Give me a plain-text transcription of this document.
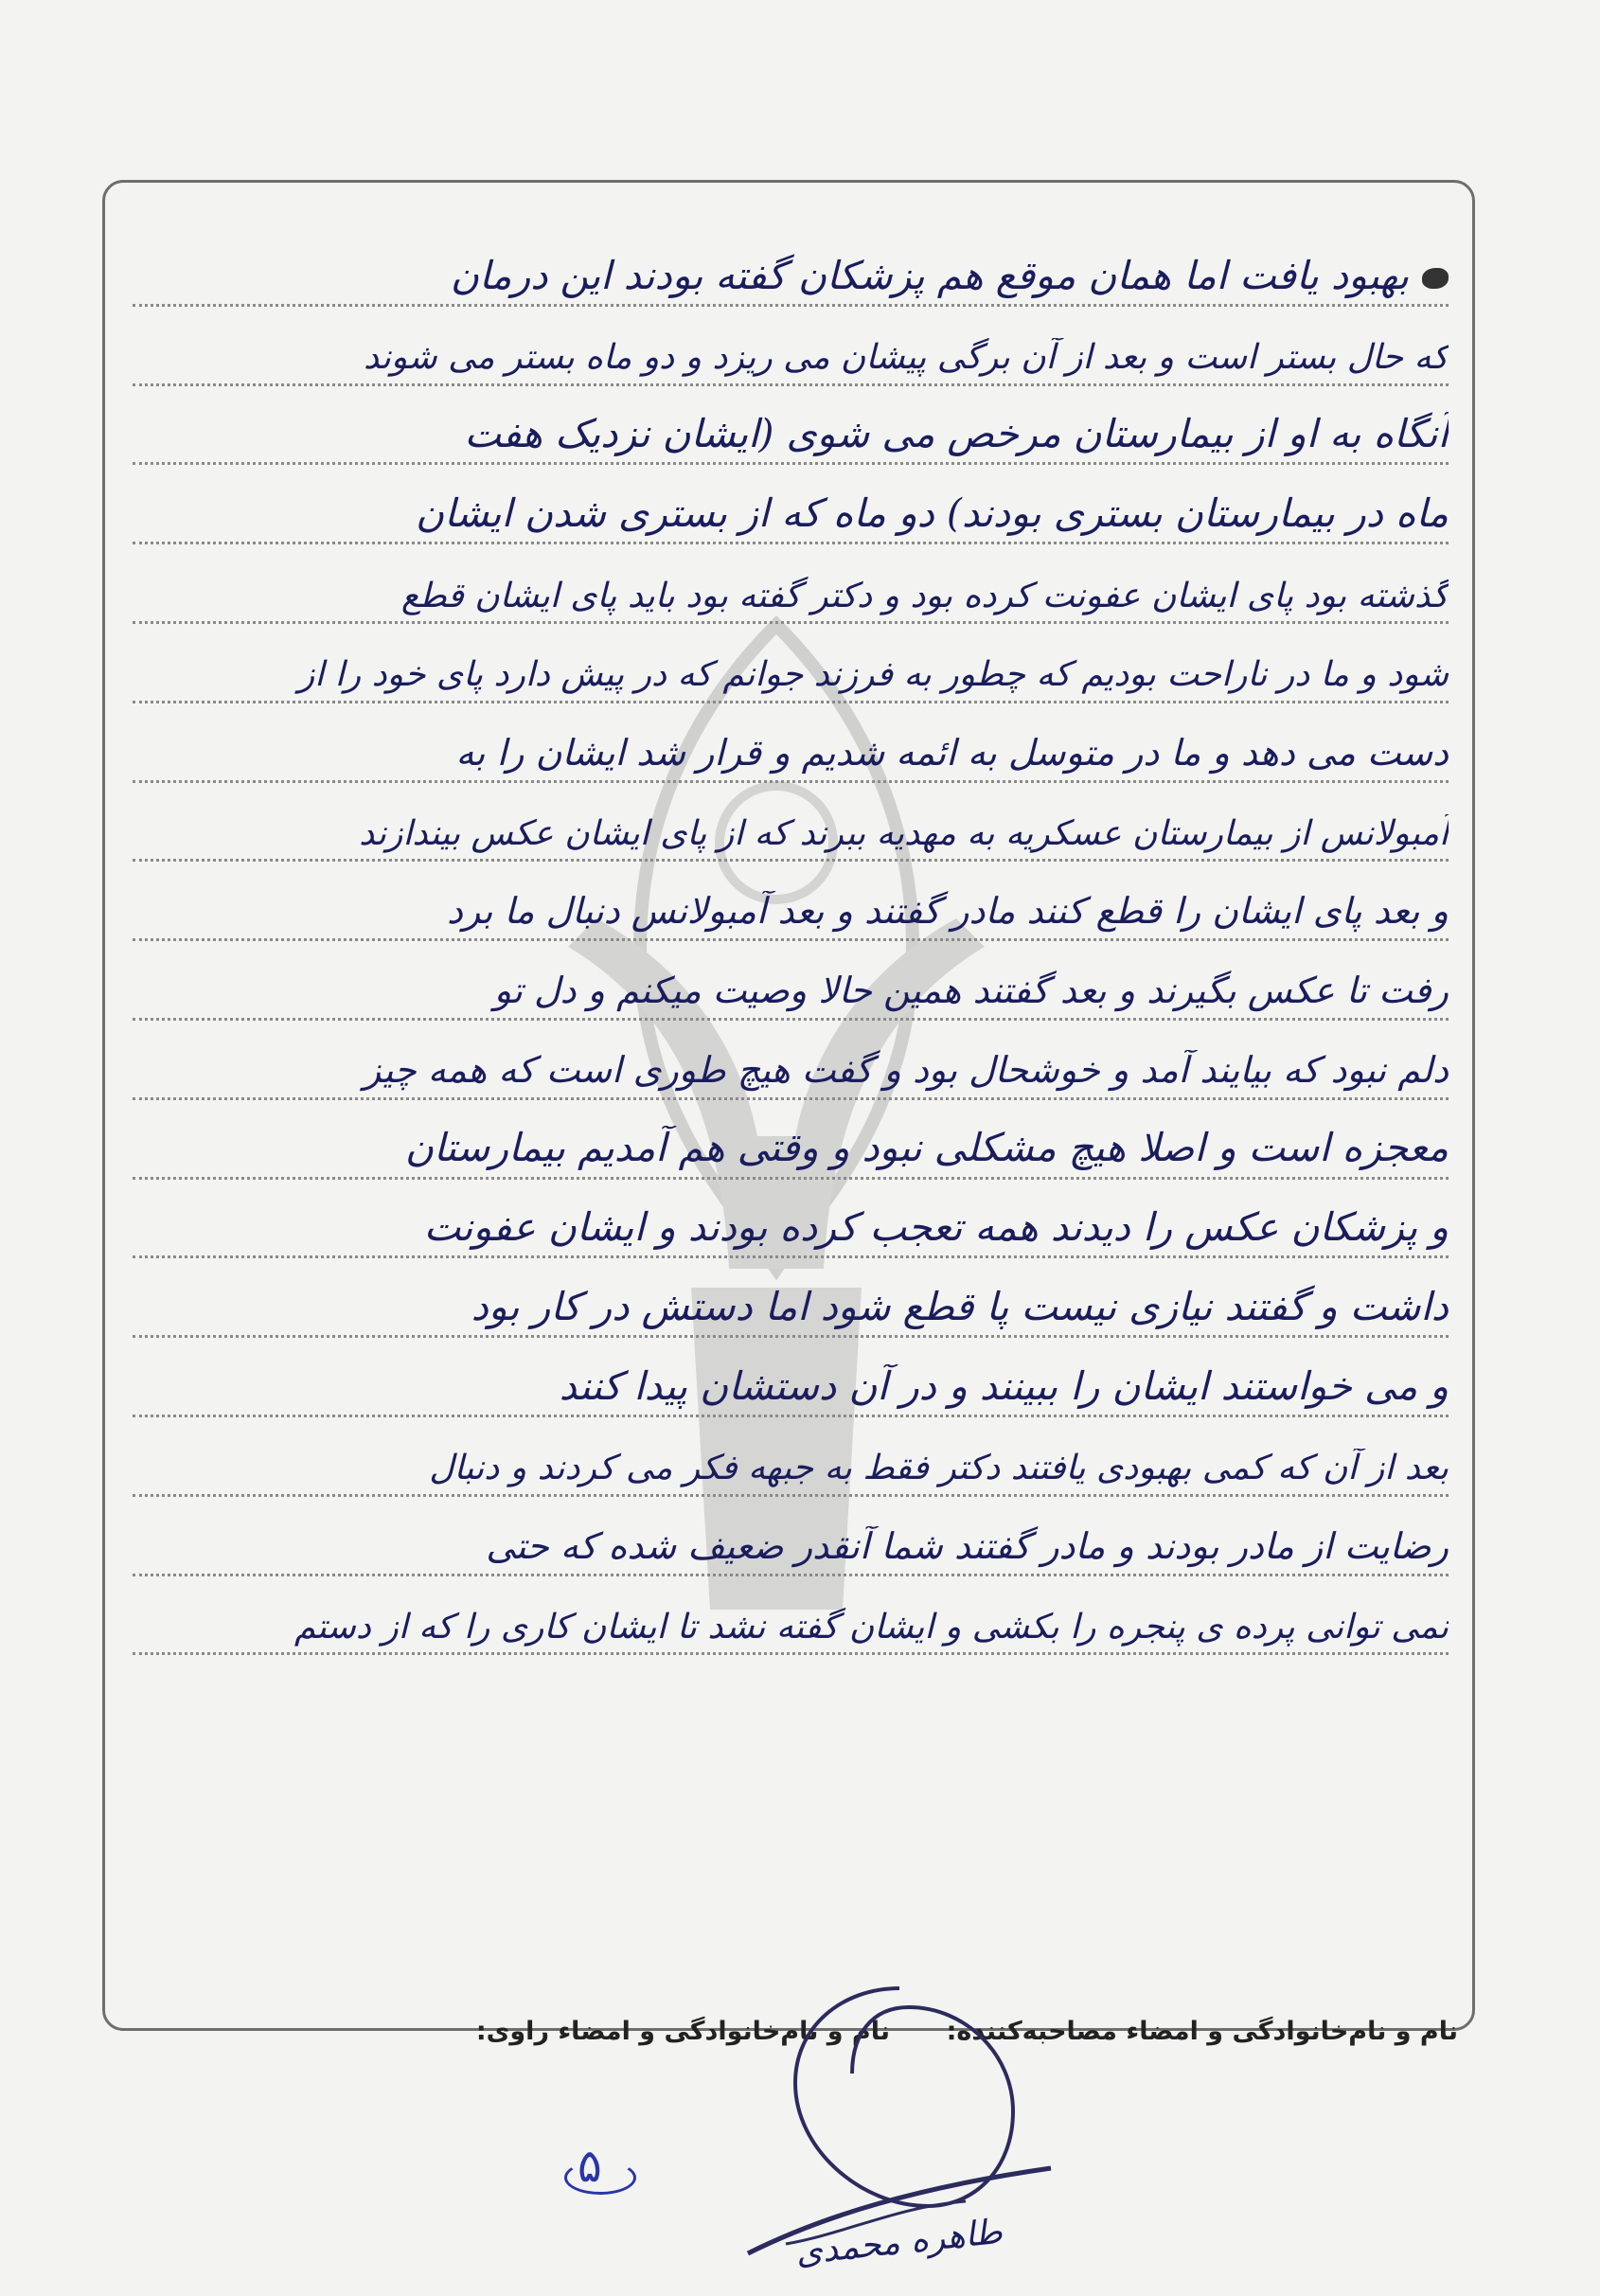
بهبود یافت اما همان موقع هم پزشکان گفته بودند این درمان
که حال بستر است و بعد از آن برگی پیشان می ریزد و دو ماه بستر می شوند
آنگاه به او از بیمارستان مرخص می شوی (ایشان نزدیک هفت
ماه در بیمارستان بستری بودند) دو ماه که از بستری شدن ایشان
گذشته بود پای ایشان عفونت کرده بود و دکتر گفته بود باید پای ایشان قطع
شود و ما در ناراحت بودیم که چطور به فرزند جوانم که در پیش دارد پای خود را از
دست می دهد و ما در متوسل به ائمه شدیم و قرار شد ایشان را به
آمبولانس از بیمارستان عسکریه به مهدیه ببرند که از پای ایشان عکس بیندازند
و بعد پای ایشان را قطع کنند مادر گفتند و بعد آمبولانس دنبال ما برد
رفت تا عکس بگیرند و بعد گفتند همین حالا وصیت میکنم و دل تو
دلم نبود که بیایند آمد و خوشحال بود و گفت هیچ طوری است که همه چیز
معجزه است و اصلا هیچ مشکلی نبود و وقتی هم آمدیم بیمارستان
و پزشکان عکس را دیدند همه تعجب کرده بودند و ایشان عفونت
داشت و گفتند نیازی نیست پا قطع شود اما دستش در کار بود
و می خواستند ایشان را ببینند و در آن دستشان پیدا کنند
بعد از آن که کمی بهبودی یافتند دکتر فقط به جبهه فکر می کردند و دنبال
رضایت از مادر بودند و مادر گفتند شما آنقدر ضعیف شده که حتی
نمی توانی پرده ی پنجره را بکشی و ایشان گفته نشد تا ایشان کاری را که از دستم
نام و نام‌خانوادگی و امضاء مصاحبه‌کننده:
نام و نام‌خانوادگی و امضاء راوی:
۵
طاهره محمدی
